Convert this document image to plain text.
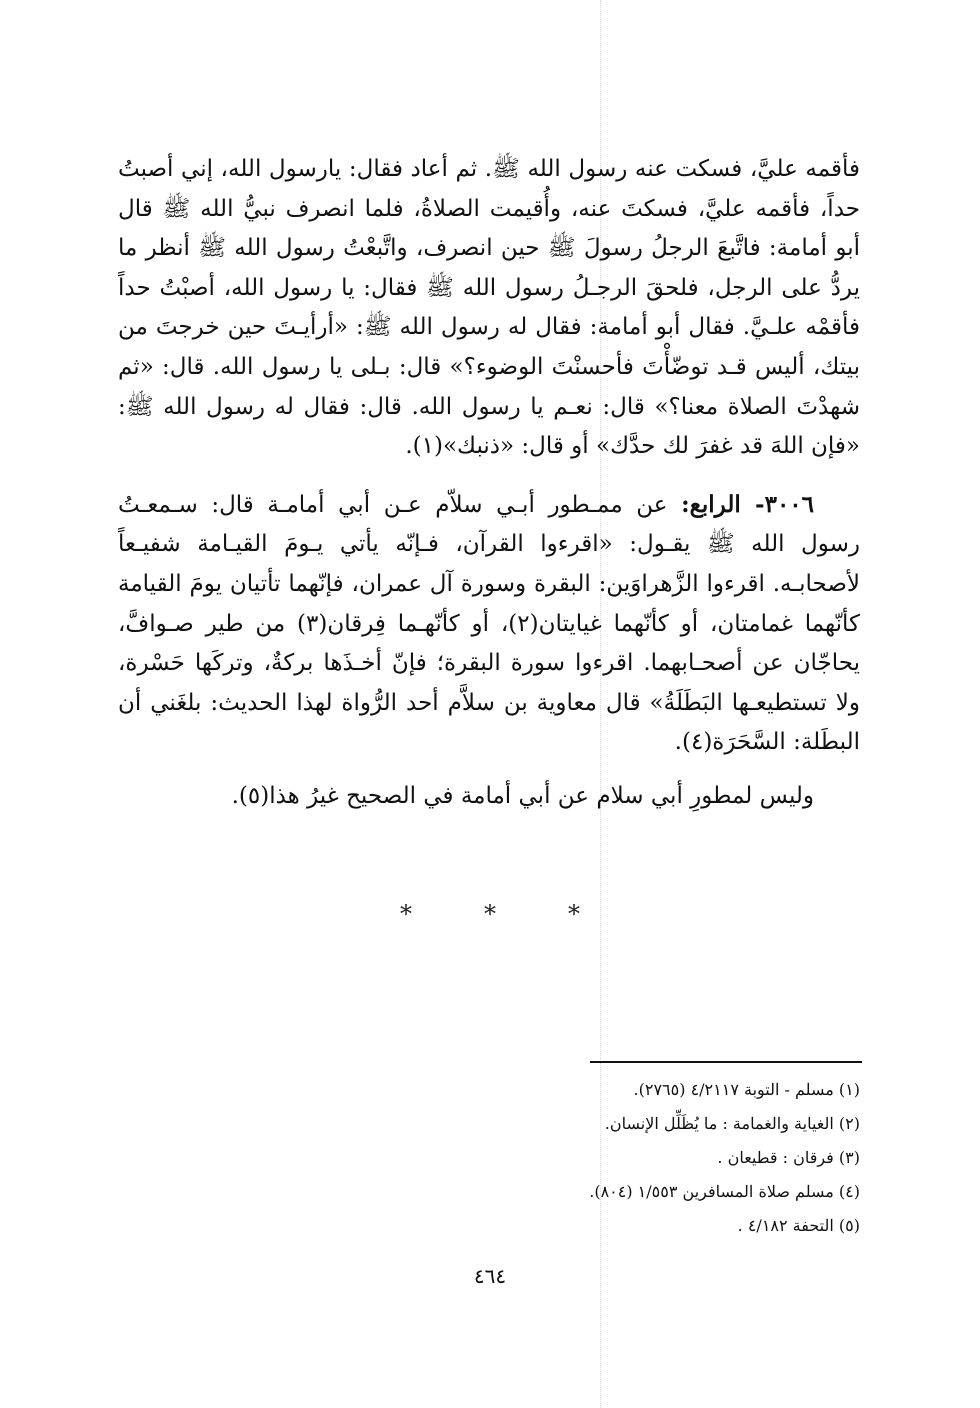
فأقمه عليَّ، فسكت عنه رسول الله ﷺ. ثم أعاد فقال: يارسول الله، إني أصبتُ حداً، فأقمه عليَّ، فسكتَ عنه، وأُقيمت الصلاةُ، فلما انصرف نبيُّ الله ﷺ قال أبو أمامة: فاتَّبعَ الرجلُ رسولَ ﷺ حين انصرف، واتَّبعْتُ رسول الله ﷺ أنظر ما يردُّ على الرجل، فلحقَ الرجـلُ رسول الله ﷺ فقال: يا رسول الله، أصبْتُ حداً فأقمْه علـيَّ. فقال أبو أمامة: فقال له رسول الله ﷺ: «أرأيـتَ حين خرجتَ من بيتك، أليس قـد توضّأْتَ فأحسنْتَ الوضوء؟» قال: بـلى يا رسول الله. قال: «ثم شهدْتَ الصلاة معنا؟» قال: نعـم يا رسول الله. قال: فقال له رسول الله ﷺ: «فإن اللهَ قد غفرَ لك حدَّك» أو قال: «ذنبك»(١).

٣٠٠٦- الرابع: عن ممـطور أبـي سلاّم عـن أبي أمامـة قال: سـمعـتُ رسول الله ﷺ يقـول: «اقرءوا القرآن، فـإنّه يأتي يـومَ القيـامة شفيـعاً لأصحابـه. اقرءوا الزَّهراوَين: البقرة وسورة آل عمران، فإنّهما تأتيان يومَ القيامة كأنّهما غمامتان، أو كأنّهما غيايتان(٢)، أو كأنّهـما فِرقان(٣) من طير صـوافَّ، يحاجّان عن أصحـابهما. اقرءوا سورة البقرة؛ فإنّ أخـذَها بركةٌ، وتركَها حَسْرة، ولا تستطيعـها البَطَلَةُ» قال معاوية بن سلاَّم أحد الرُّواة لهذا الحديث: بلغَني أن البطَلة: السَّحَرَة(٤).

وليس لمطورِ أبي سلام عن أبي أمامة في الصحيح غيرُ هذا(٥).

*	*	*

(١) مسلم - التوبة ٤/٢١١٧ (٢٧٦٥).

(٢) الغياية والغمامة : ما يُظَلِّل الإنسان.

(٣) فرقان : قطيعان .

(٤) مسلم صلاة المسافرين ١/٥٥٣ (٨٠٤).

(٥) التحفة ٤/١٨٢ .

٤٦٤
